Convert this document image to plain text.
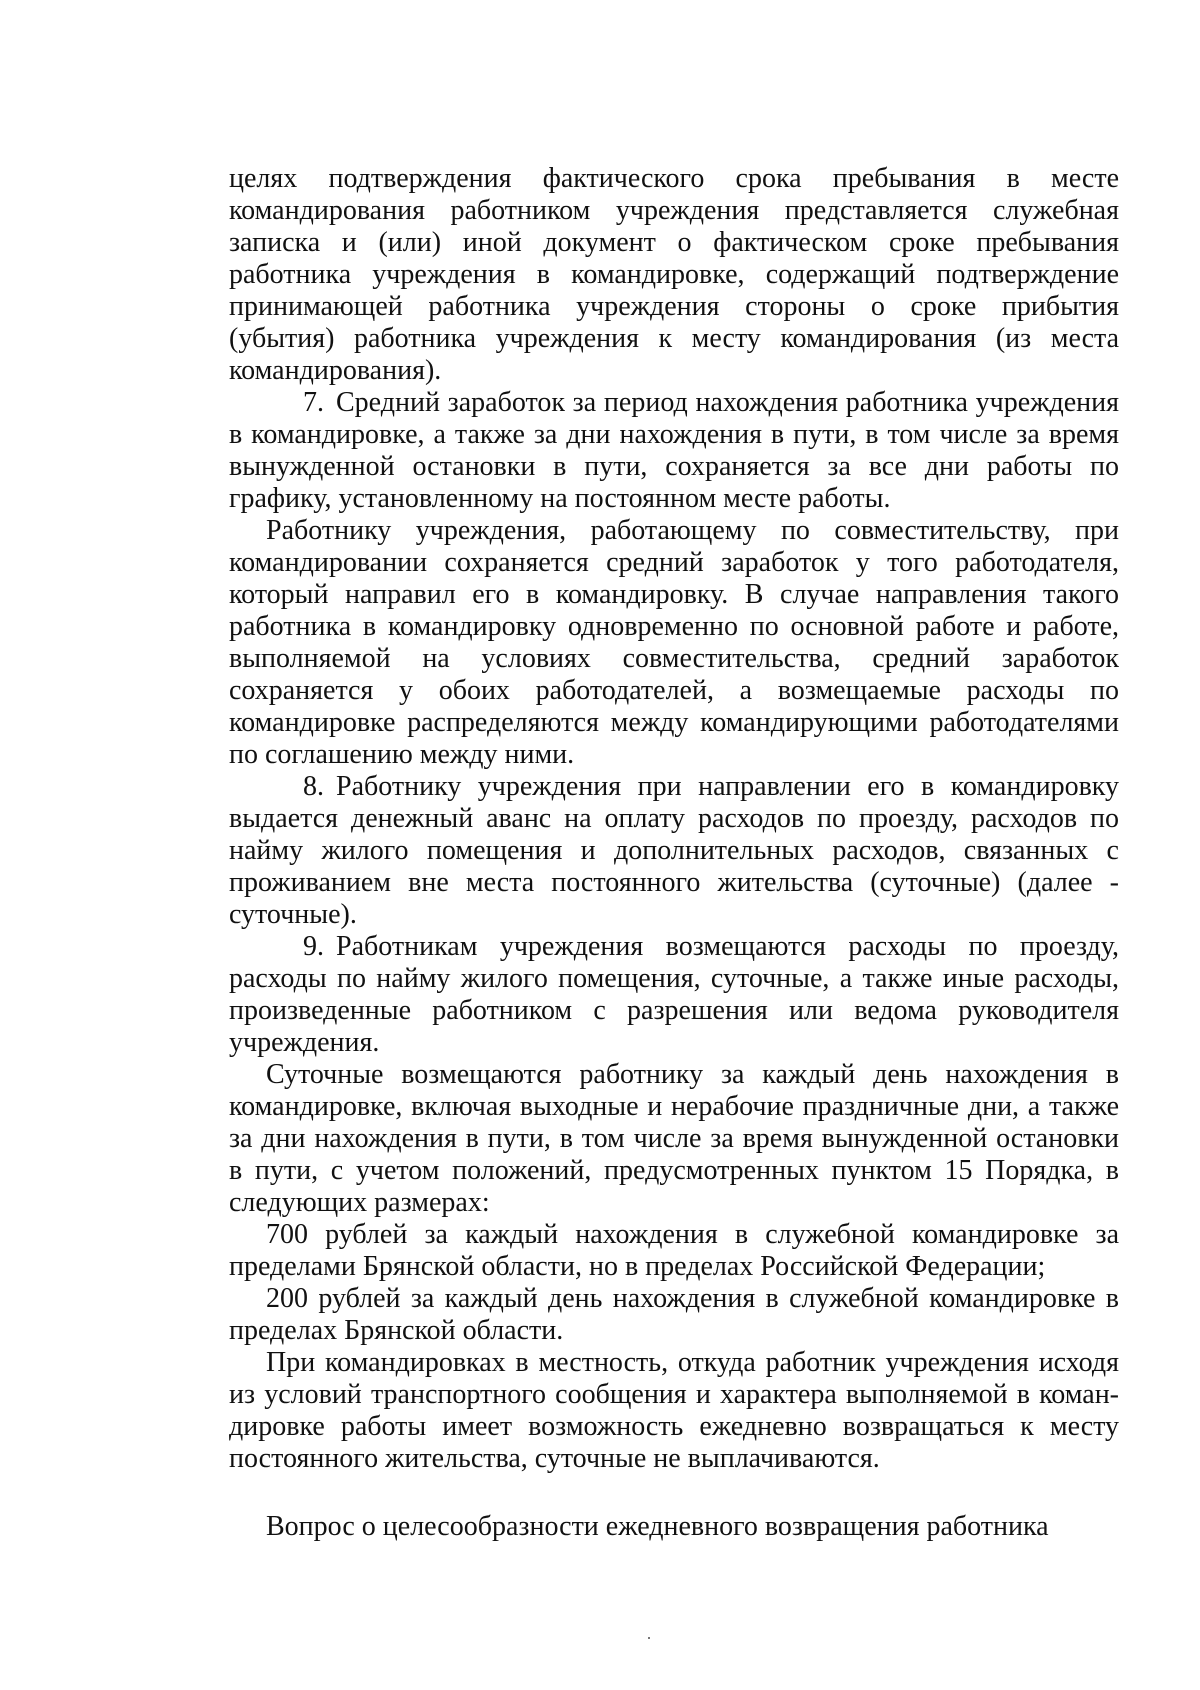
целях подтверждения фактического срока пребывания в месте командирования работником учреждения представляется служебная записка и (или) иной документ о фактическом сроке пребывания работника учреждения в командировке, содержащий подтверждение принимающей работника учреждения стороны о сроке прибытия (убытия) работника учреждения к месту командирования (из места командирования).

7. Средний заработок за период нахождения работника учреждения в командировке, а также за дни нахождения в пути, в том числе за время вынужденной остановки в пути, сохраняется за все дни работы по графику, установленному на постоянном месте работы.

Работнику учреждения, работающему по совместительству, при командировании сохраняется средний заработок у того работодателя, который направил его в командировку. В случае направления такого работника в командировку одновременно по основной работе и работе, выполняемой на условиях совместительства, средний заработок сохраняется у обоих работодателей, а возмещаемые расходы по командировке распределяются между командирующими работодателями по соглашению между ними.

8. Работнику учреждения при направлении его в командировку выдается денежный аванс на оплату расходов по проезду, расходов по найму жилого помещения и дополнительных расходов, связанных с проживанием вне места постоянного жительства (суточные) (далее - суточные).

9. Работникам учреждения возмещаются расходы по проезду, расходы по найму жилого помещения, суточные, а также иные расходы, произведенные работником с разрешения или ведома руководителя учреждения.

Суточные возмещаются работнику за каждый день нахождения в командировке, включая выходные и нерабочие праздничные дни, а также за дни нахождения в пути, в том числе за время вынужденной остановки в пути, с учетом положений, предусмотренных пунктом 15 Порядка, в следующих размерах:

700 рублей за каждый нахождения в служебной командировке за пределами Брянской области, но в пределах Российской Федерации;

200 рублей за каждый день нахождения в служебной командировке в пределах Брянской области.

При командировках в местность, откуда работник учреждения исходя из условий транспортного сообщения и характера выполняемой в коман-дировке работы имеет возможность ежедневно возвращаться к месту постоянного жительства, суточные не выплачиваются.

Вопрос о целесообразности ежедневного возвращения работника
